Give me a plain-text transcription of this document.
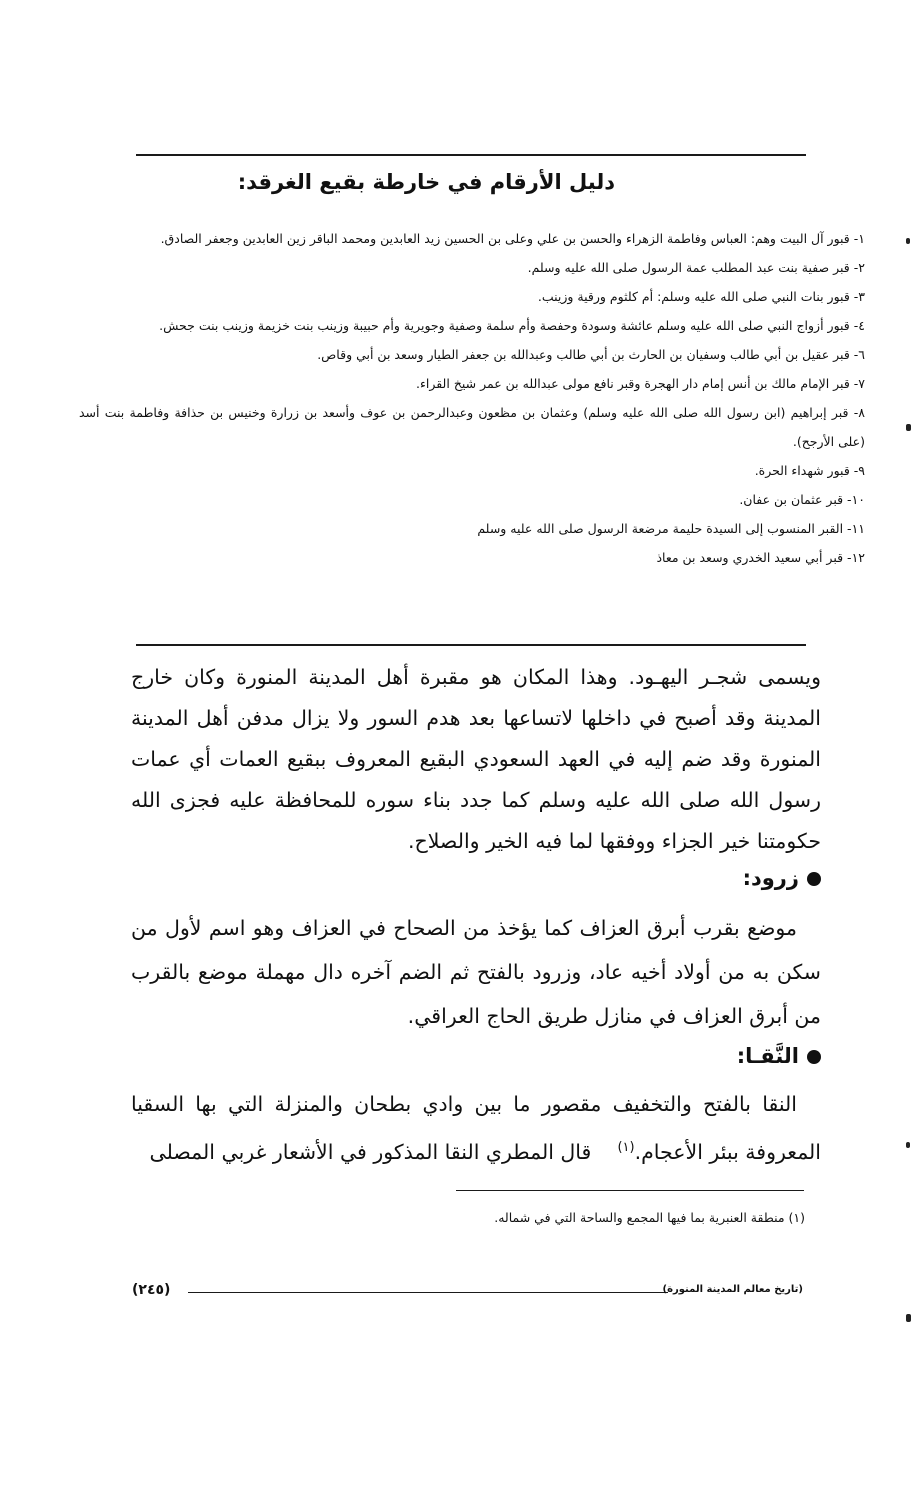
دليل الأرقام في خارطة بقيع الغرقد:
١- قبور آل البيت وهم: العباس وفاطمة الزهراء والحسن بن علي وعلى بن الحسين زيد العابدين ومحمد الباقر زين العابدين وجعفر الصادق.
٢- قبر صفية بنت عبد المطلب عمة الرسول صلى الله عليه وسلم.
٣- قبور بنات النبي صلى الله عليه وسلم: أم كلثوم ورقية وزينب.
٤- قبور أزواج النبي صلى الله عليه وسلم عائشة وسودة وحفصة وأم سلمة وصفية وجويرية وأم حبيبة وزينب بنت خزيمة وزينب بنت جحش.
٦- قبر عقيل بن أبي طالب وسفيان بن الحارث بن أبي طالب وعبدالله بن جعفر الطيار وسعد بن أبي وقاص.
٧- قبر الإمام مالك بن أنس إمام دار الهجرة وقبر نافع مولى عبدالله بن عمر شيخ القراء.
٨- قبر إبراهيم (ابن رسول الله صلى الله عليه وسلم) وعثمان بن مظعون وعبدالرحمن بن عوف وأسعد بن زرارة وخنيس بن حذافة وفاطمة بنت أسد (على الأرجح).
٩- قبور شهداء الحرة.
١٠- قبر عثمان بن عفان.
١١- القبر المنسوب إلى السيدة حليمة مرضعة الرسول صلى الله عليه وسلم
١٢- قبر أبي سعيد الخدري وسعد بن معاذ

ويسمى شجـر اليهـود. وهذا المكان هو مقبرة أهل المدينة المنورة وكان خارج المدينة وقد أصبح في داخلها لاتساعها بعد هدم السور ولا يزال مدفن أهل المدينة المنورة وقد ضم إليه في العهد السعودي البقيع المعروف ببقيع العمات أي عمات رسول الله صلى الله عليه وسلم كما جدد بناء سوره للمحافظة عليه فجزى الله حكومتنا خير الجزاء ووفقها لما فيه الخير والصلاح.

زرود:

موضع بقرب أبرق العزاف كما يؤخذ من الصحاح في العزاف وهو اسم لأول من سكن به من أولاد أخيه عاد، وزرود بالفتح ثم الضم آخره دال مهملة موضع بالقرب من أبرق العزاف في منازل طريق الحاج العراقي.

النَّقـا:

النقا بالفتح والتخفيف مقصور ما بين وادي بطحان والمنزلة التي بها السقيا المعروفة ببئر الأعجام.$^{(١)}$    قال المطري النقا المذكور في الأشعار غربي المصلى

(١) منطقة العنبرية بما فيها المجمع والساحة التي في شماله.
(٢٤٥)	(تاريخ معالم المدينة المنورة)
